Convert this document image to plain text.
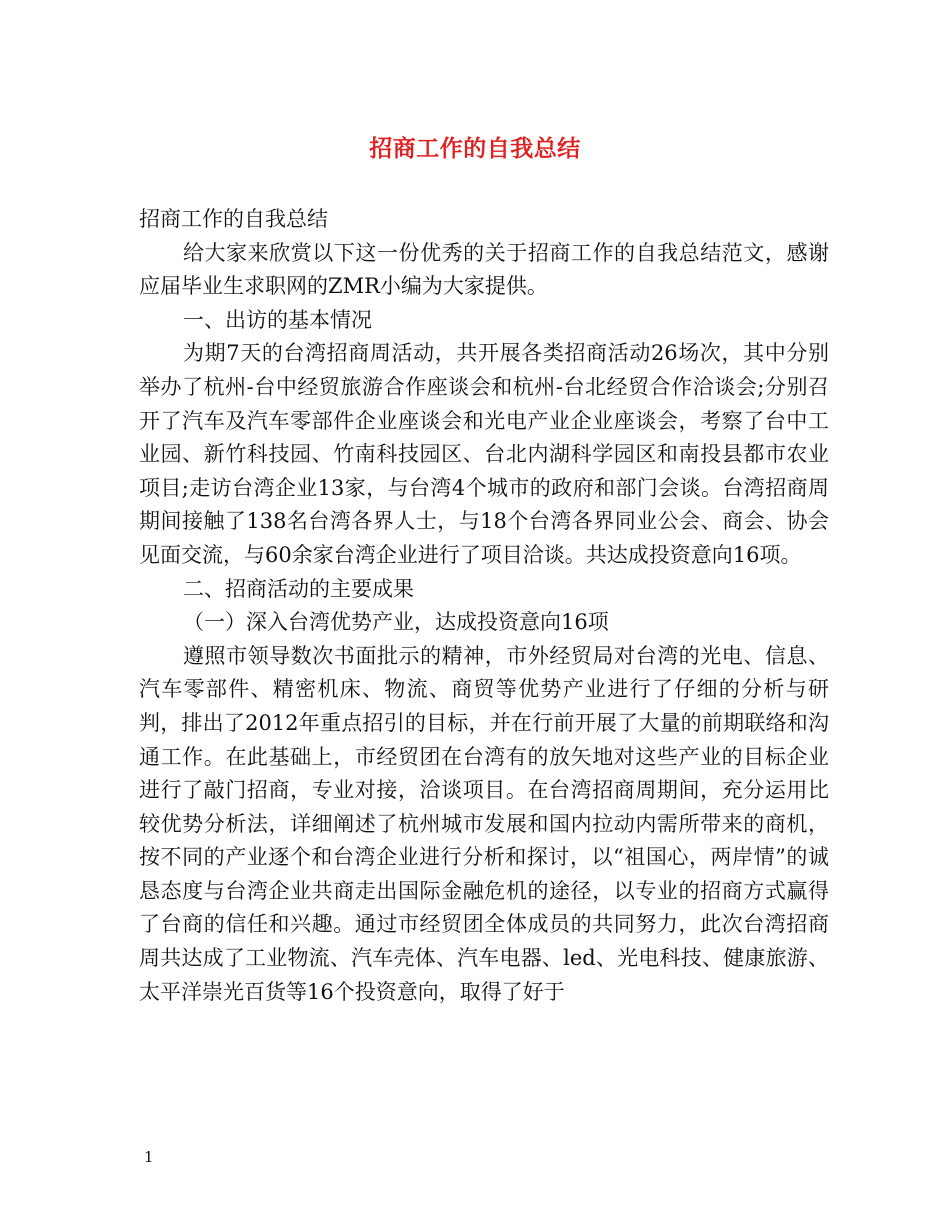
招商工作的自我总结

招商工作的自我总结

给大家来欣赏以下这一份优秀的关于招商工作的自我总结范文，感谢应届毕业生求职网的ZMR小编为大家提供。

一、出访的基本情况

为期7天的台湾招商周活动，共开展各类招商活动26场次，其中分别举办了杭州-台中经贸旅游合作座谈会和杭州-台北经贸合作洽谈会;分别召开了汽车及汽车零部件企业座谈会和光电产业企业座谈会，考察了台中工业园、新竹科技园、竹南科技园区、台北内湖科学园区和南投县都市农业项目;走访台湾企业13家，与台湾4个城市的政府和部门会谈。台湾招商周期间接触了138名台湾各界人士，与18个台湾各界同业公会、商会、协会见面交流，与60余家台湾企业进行了项目洽谈。共达成投资意向16项。

二、招商活动的主要成果

（一）深入台湾优势产业，达成投资意向16项

遵照市领导数次书面批示的精神，市外经贸局对台湾的光电、信息、汽车零部件、精密机床、物流、商贸等优势产业进行了仔细的分析与研判，排出了2012年重点招引的目标，并在行前开展了大量的前期联络和沟通工作。在此基础上，市经贸团在台湾有的放矢地对这些产业的目标企业进行了敲门招商，专业对接，洽谈项目。在台湾招商周期间，充分运用比较优势分析法，详细阐述了杭州城市发展和国内拉动内需所带来的商机，按不同的产业逐个和台湾企业进行分析和探讨，以“祖国心，两岸情”的诚恳态度与台湾企业共商走出国际金融危机的途径，以专业的招商方式赢得了台商的信任和兴趣。通过市经贸团全体成员的共同努力，此次台湾招商周共达成了工业物流、汽车壳体、汽车电器、led、光电科技、健康旅游、太平洋崇光百货等16个投资意向，取得了好于

1
